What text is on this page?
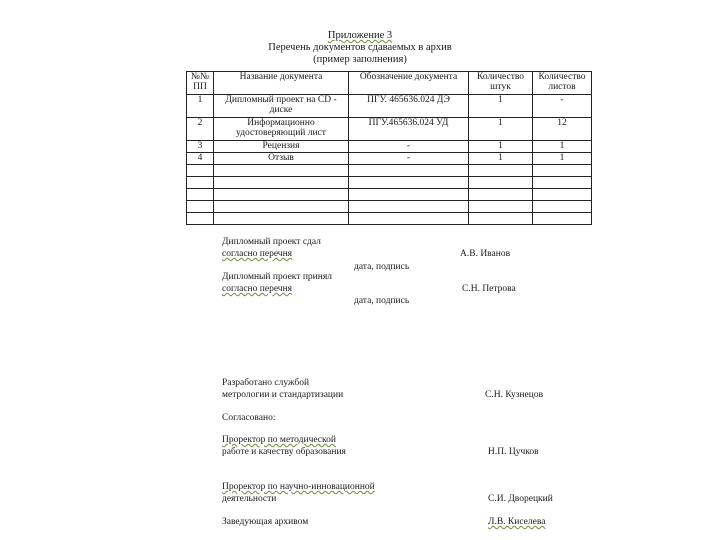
Приложение 3
Перечень документов сдаваемых в архив
(пример заполнения)
№№ ПП	Название документа	Обозначение документа	Количество штук	Количество листов
1	Дипломный проект на CD - диске	ПГУ. 465636.024 ДЭ	1	-
2	Информационно удостоверяющий лист	ПГУ.465636.024 УД	1	12
3	Рецензия	-	1	1
4	Отзыв	-	1	1

Дипломный проект сдал
согласно перечня	А.В. Иванов
дата, подпись
Дипломный проект принял
согласно перечня	С.Н. Петрова
дата, подпись
Разработано службой
метрологии и стандартизации	С.Н. Кузнецов
Согласовано:
Проректор по методической
работе и качеству образования	Н.П. Цучков
Проректор по научно-инновационной
деятельности	С.И. Дворецкий
Заведующая архивом	Л.В. Киселева
